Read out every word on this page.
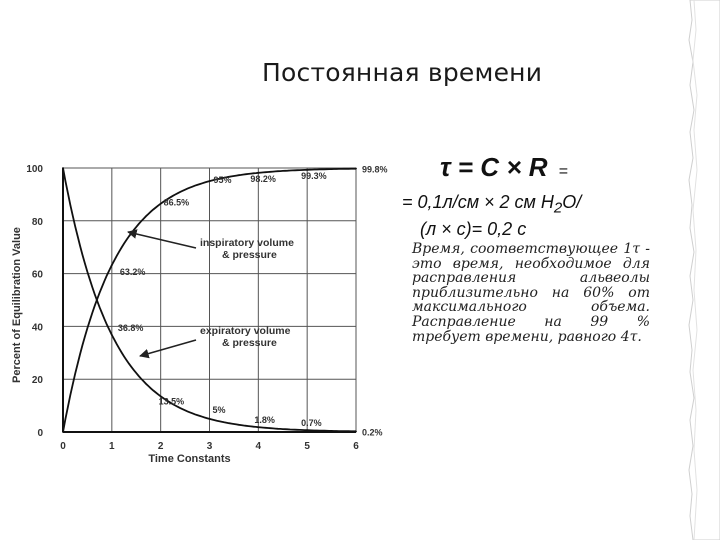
Постоянная времени
0	1	2	3	4	5	6
0
20
40
60
80
100
Time Constants
Percent of Equilibration Value	63.2%
86.5%
95% 98.2%	99.3%
99.8%
36.8%
13.5%
5%
1.8%	0.7%
0.2%
inspiratory volume
& pressure
expiratory volume
& pressure
τ = C × R =
= 0,1л/см × 2 см $H_2O/$
(л × с)= 0,2 с
Время, соответствующее 1τ - это время, необходимое для расправления альвеолы приблизительно на 60% от максимального объема. Расправление на 99 % требует времени, равного 4τ.
